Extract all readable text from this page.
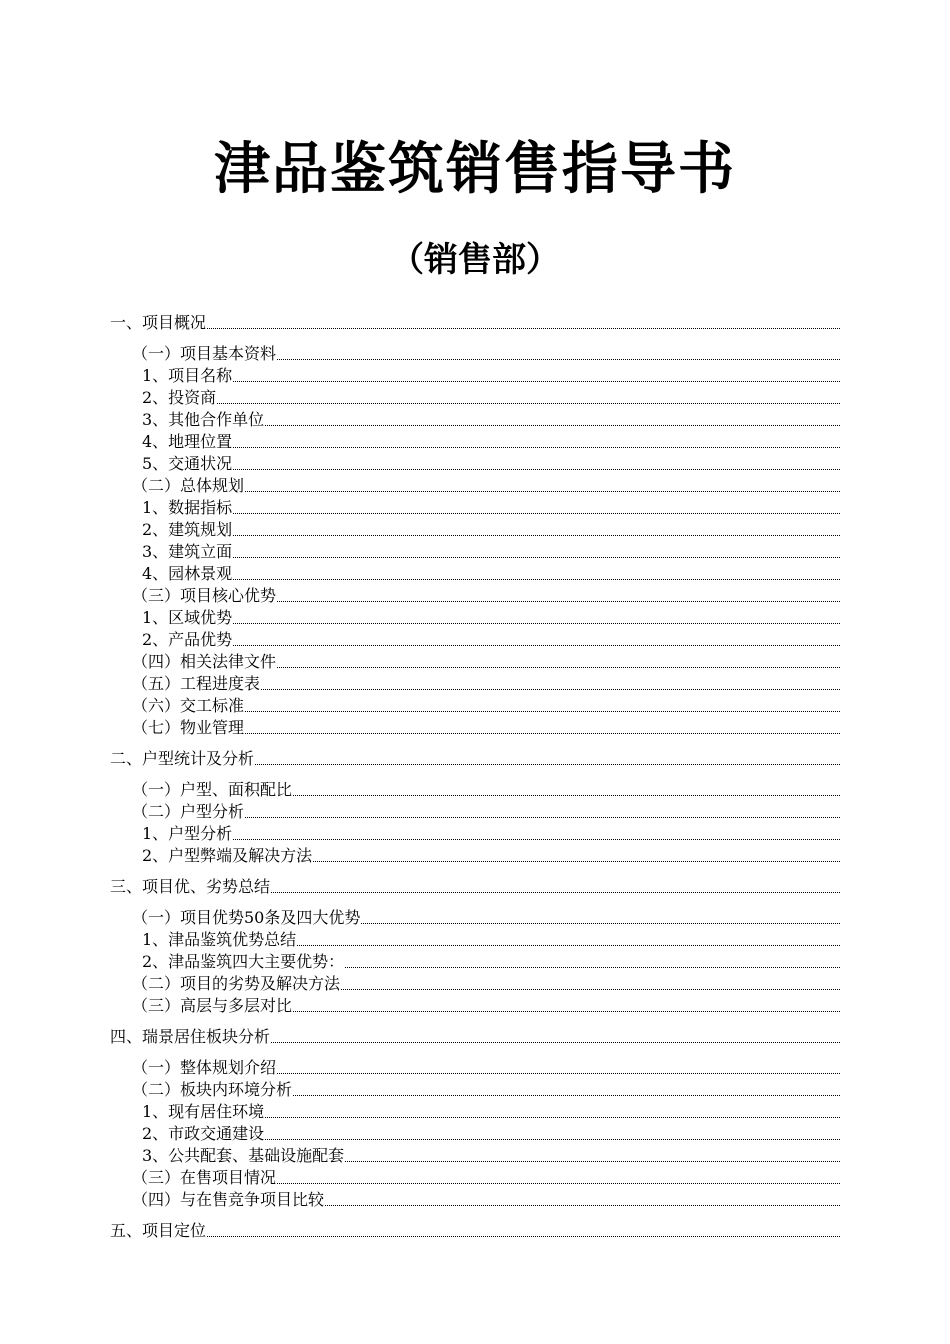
津品鉴筑销售指导书
（销售部）
一、项目概况
（一）项目基本资料
1、项目名称
2、投资商
3、其他合作单位
4、地理位置
5、交通状况
（二）总体规划
1、数据指标
2、建筑规划
3、建筑立面
4、园林景观
（三）项目核心优势
1、区域优势
2、产品优势
（四）相关法律文件
（五）工程进度表
（六）交工标准
（七）物业管理
二、户型统计及分析
（一）户型、面积配比
（二）户型分析
1、户型分析
2、户型弊端及解决方法
三、项目优、劣势总结
（一）项目优势50条及四大优势
1、津品鉴筑优势总结
2、津品鉴筑四大主要优势：
（二）项目的劣势及解决方法
（三）高层与多层对比
四、瑞景居住板块分析
（一）整体规划介绍
（二）板块内环境分析
1、现有居住环境
2、市政交通建设
3、公共配套、基础设施配套
（三）在售项目情况
（四）与在售竞争项目比较
五、项目定位
